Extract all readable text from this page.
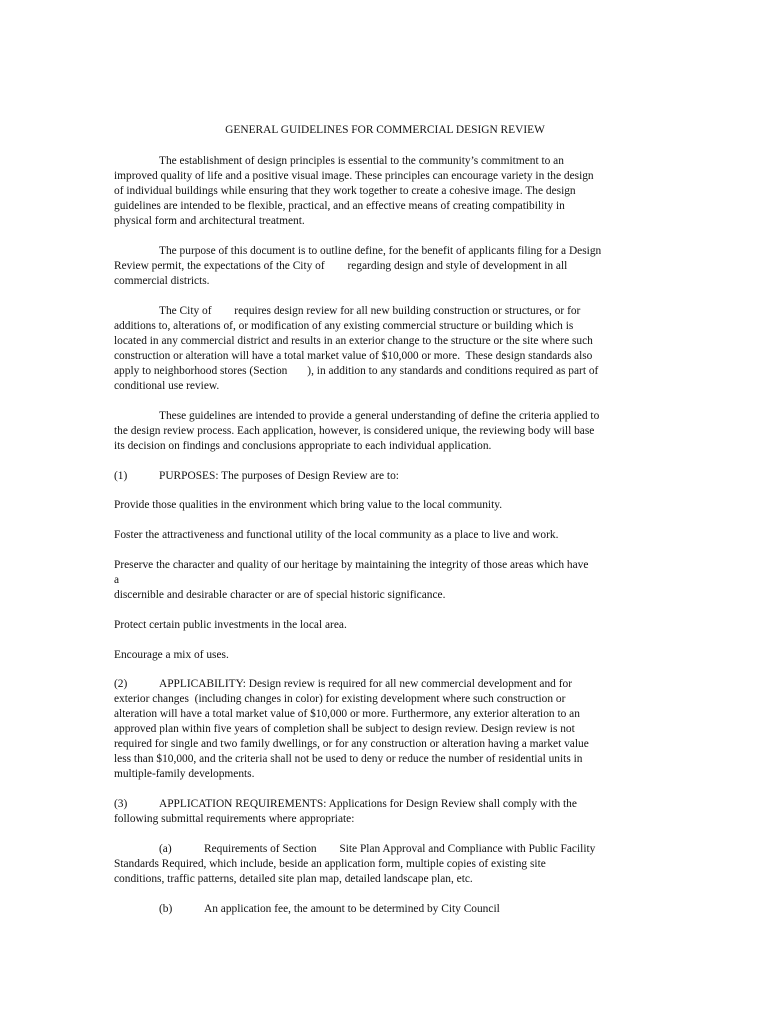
GENERAL GUIDELINES FOR COMMERCIAL DESIGN REVIEW
The establishment of design principles is essential to the community’s commitment to an
improved quality of life and a positive visual image. These principles can encourage variety in the design
of individual buildings while ensuring that they work together to create a cohesive image. The design
guidelines are intended to be flexible, practical, and an effective means of creating compatibility in
physical form and architectural treatment.
The purpose of this document is to outline define, for the benefit of applicants filing for a Design
Review permit, the expectations of the City of        regarding design and style of development in all
commercial districts.
The City of        requires design review for all new building construction or structures, or for
additions to, alterations of, or modification of any existing commercial structure or building which is
located in any commercial district and results in an exterior change to the structure or the site where such
construction or alteration will have a total market value of $10,000 or more.  These design standards also
apply to neighborhood stores (Section       ), in addition to any standards and conditions required as part of
conditional use review.
These guidelines are intended to provide a general understanding of define the criteria applied to
the design review process. Each application, however, is considered unique, the reviewing body will base
its decision on findings and conclusions appropriate to each individual application.
(1)	PURPOSES: The purposes of Design Review are to:
Provide those qualities in the environment which bring value to the local community.
Foster the attractiveness and functional utility of the local community as a place to live and work.
Preserve the character and quality of our heritage by maintaining the integrity of those areas which have
a
discernible and desirable character or are of special historic significance.
Protect certain public investments in the local area.
Encourage a mix of uses.
(2)	APPLICABILITY: Design review is required for all new commercial development and for
exterior changes  (including changes in color) for existing development where such construction or
alteration will have a total market value of $10,000 or more. Furthermore, any exterior alteration to an
approved plan within five years of completion shall be subject to design review. Design review is not
required for single and two family dwellings, or for any construction or alteration having a market value
less than $10,000, and the criteria shall not be used to deny or reduce the number of residential units in
multiple-family developments.
(3)	APPLICATION REQUIREMENTS: Applications for Design Review shall comply with the
following submittal requirements where appropriate:
(a)	Requirements of Section        Site Plan Approval and Compliance with Public Facility
Standards Required, which include, beside an application form, multiple copies of existing site
conditions, traffic patterns, detailed site plan map, detailed landscape plan, etc.
(b)	An application fee, the amount to be determined by City Council
